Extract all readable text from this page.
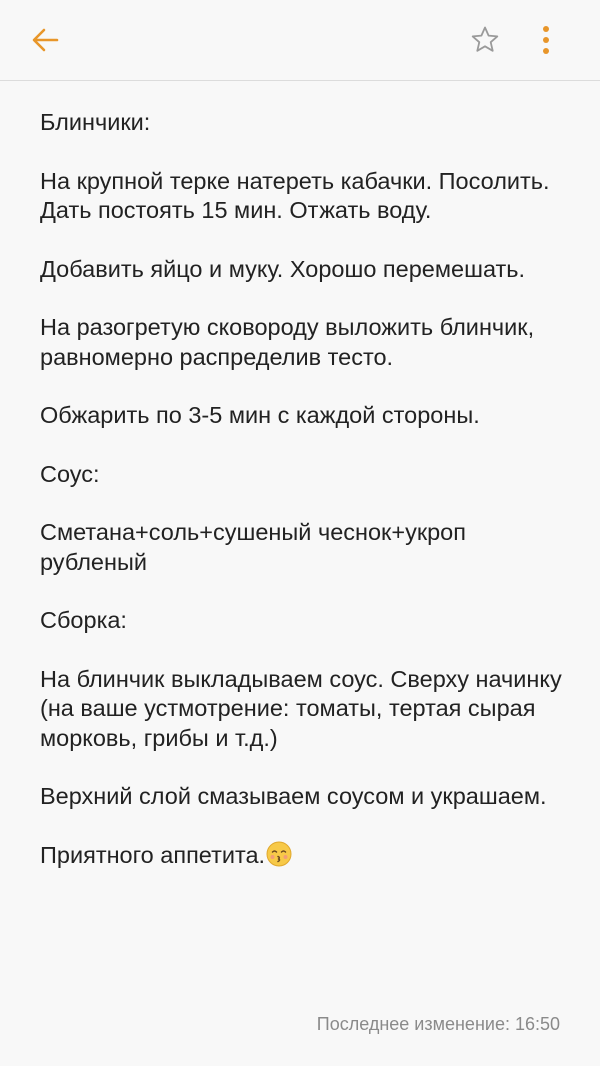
Блинчики:

На крупной терке натереть кабачки. Посолить. Дать постоять 15 мин. Отжать воду.

Добавить яйцо и муку. Хорошо перемешать.

На разогретую сковороду выложить блинчик, равномерно распределив тесто.

Обжарить по 3-5 мин с каждой стороны.

Соус:

Сметана+соль+сушеный чеснок+укроп рубленый

Сборка:

На блинчик выкладываем соус. Сверху начинку (на ваше устмотрение: томаты, тертая сырая морковь, грибы и т.д.)

Верхний слой смазываем соусом и украшаем.

Приятного аппетита.

Последнее изменение: 16:50
